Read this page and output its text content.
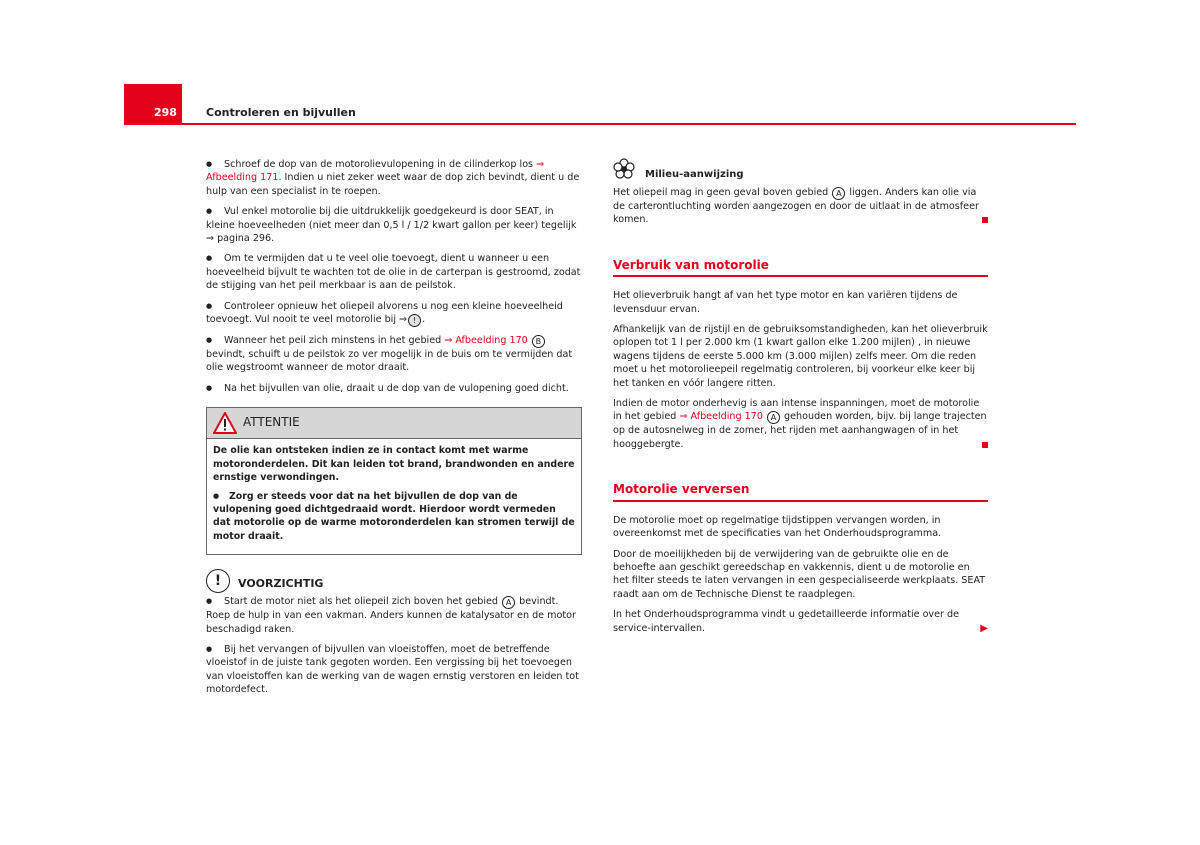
298	Controleren en bijvullen
● Schroef de dop van de motorolievulopening in de cilinderkop los ⇒ Afbeelding 171. Indien u niet zeker weet waar de dop zich bevindt, dient u de hulp van een specialist in te roepen.
● Vul enkel motorolie bij die uitdrukkelijk goedgekeurd is door SEAT, in kleine hoeveelheden (niet meer dan 0,5 l / 1/2 kwart gallon per keer) tegelijk ⇒ pagina 296.
● Om te vermijden dat u te veel olie toevoegt, dient u wanneer u een hoeveelheid bijvult te wachten tot de olie in de carterpan is gestroomd, zodat de stijging van het peil merkbaar is aan de peilstok.
● Controleer opnieuw het oliepeil alvorens u nog een kleine hoeveelheid toevoegt. Vul nooit te veel motorolie bij ⇒ ! .
● Wanneer het peil zich minstens in het gebied ⇒ Afbeelding 170 B bevindt, schuift u de peilstok zo ver mogelijk in de buis om te vermijden dat olie wegstroomt wanneer de motor draait.
● Na het bijvullen van olie, draait u de dop van de vulopening goed dicht.
ATTENTIE

De olie kan ontsteken indien ze in contact komt met warme motoronderdelen. Dit kan leiden tot brand, brandwonden en andere ernstige verwondingen.

● Zorg er steeds voor dat na het bijvullen de dop van de vulopening goed dichtgedraaid wordt. Hierdoor wordt vermeden dat motorolie op de warme motoronderdelen kan stromen terwijl de motor draait.

!	VOORZICHTIG
● Start de motor niet als het oliepeil zich boven het gebied A bevindt. Roep de hulp in van een vakman. Anders kunnen de katalysator en de motor beschadigd raken.
● Bij het vervangen of bijvullen van vloeistoffen, moet de betreffende vloeistof in de juiste tank gegoten worden. Een vergissing bij het toevoegen van vloeistoffen kan de werking van de wagen ernstig verstoren en leiden tot motordefect.
Milieu-aanwijzing

Het oliepeil mag in geen geval boven gebied A liggen. Anders kan olie via de carterontluchting worden aangezogen en door de uitlaat in de atmosfeer komen.

Verbruik van motorolie

Het olieverbruik hangt af van het type motor en kan variëren tijdens de levensduur ervan.

Afhankelijk van de rijstijl en de gebruiksomstandigheden, kan het olieverbruik oplopen tot 1 l per 2.000 km (1 kwart gallon elke 1.200 mijlen) , in nieuwe wagens tijdens de eerste 5.000 km (3.000 mijlen) zelfs meer. Om die reden moet u het motorolieepeil regelmatig controleren, bij voorkeur elke keer bij het tanken en vóór langere ritten.

Indien de motor onderhevig is aan intense inspanningen, moet de motorolie in het gebied ⇒ Afbeelding 170 A gehouden worden, bijv. bij lange trajecten op de autosnelweg in de zomer, het rijden met aanhangwagen of in het hooggebergte.

Motorolie verversen

De motorolie moet op regelmatige tijdstippen vervangen worden, in overeenkomst met de specificaties van het Onderhoudsprogramma.

Door de moeilijkheden bij de verwijdering van de gebruikte olie en de behoefte aan geschikt gereedschap en vakkennis, dient u de motorolie en het filter steeds te laten vervangen in een gespecialiseerde werkplaats. SEAT raadt aan om de Technische Dienst te raadplegen.

In het Onderhoudsprogramma vindt u gedetailleerde informatie over de service-intervallen.	▶
